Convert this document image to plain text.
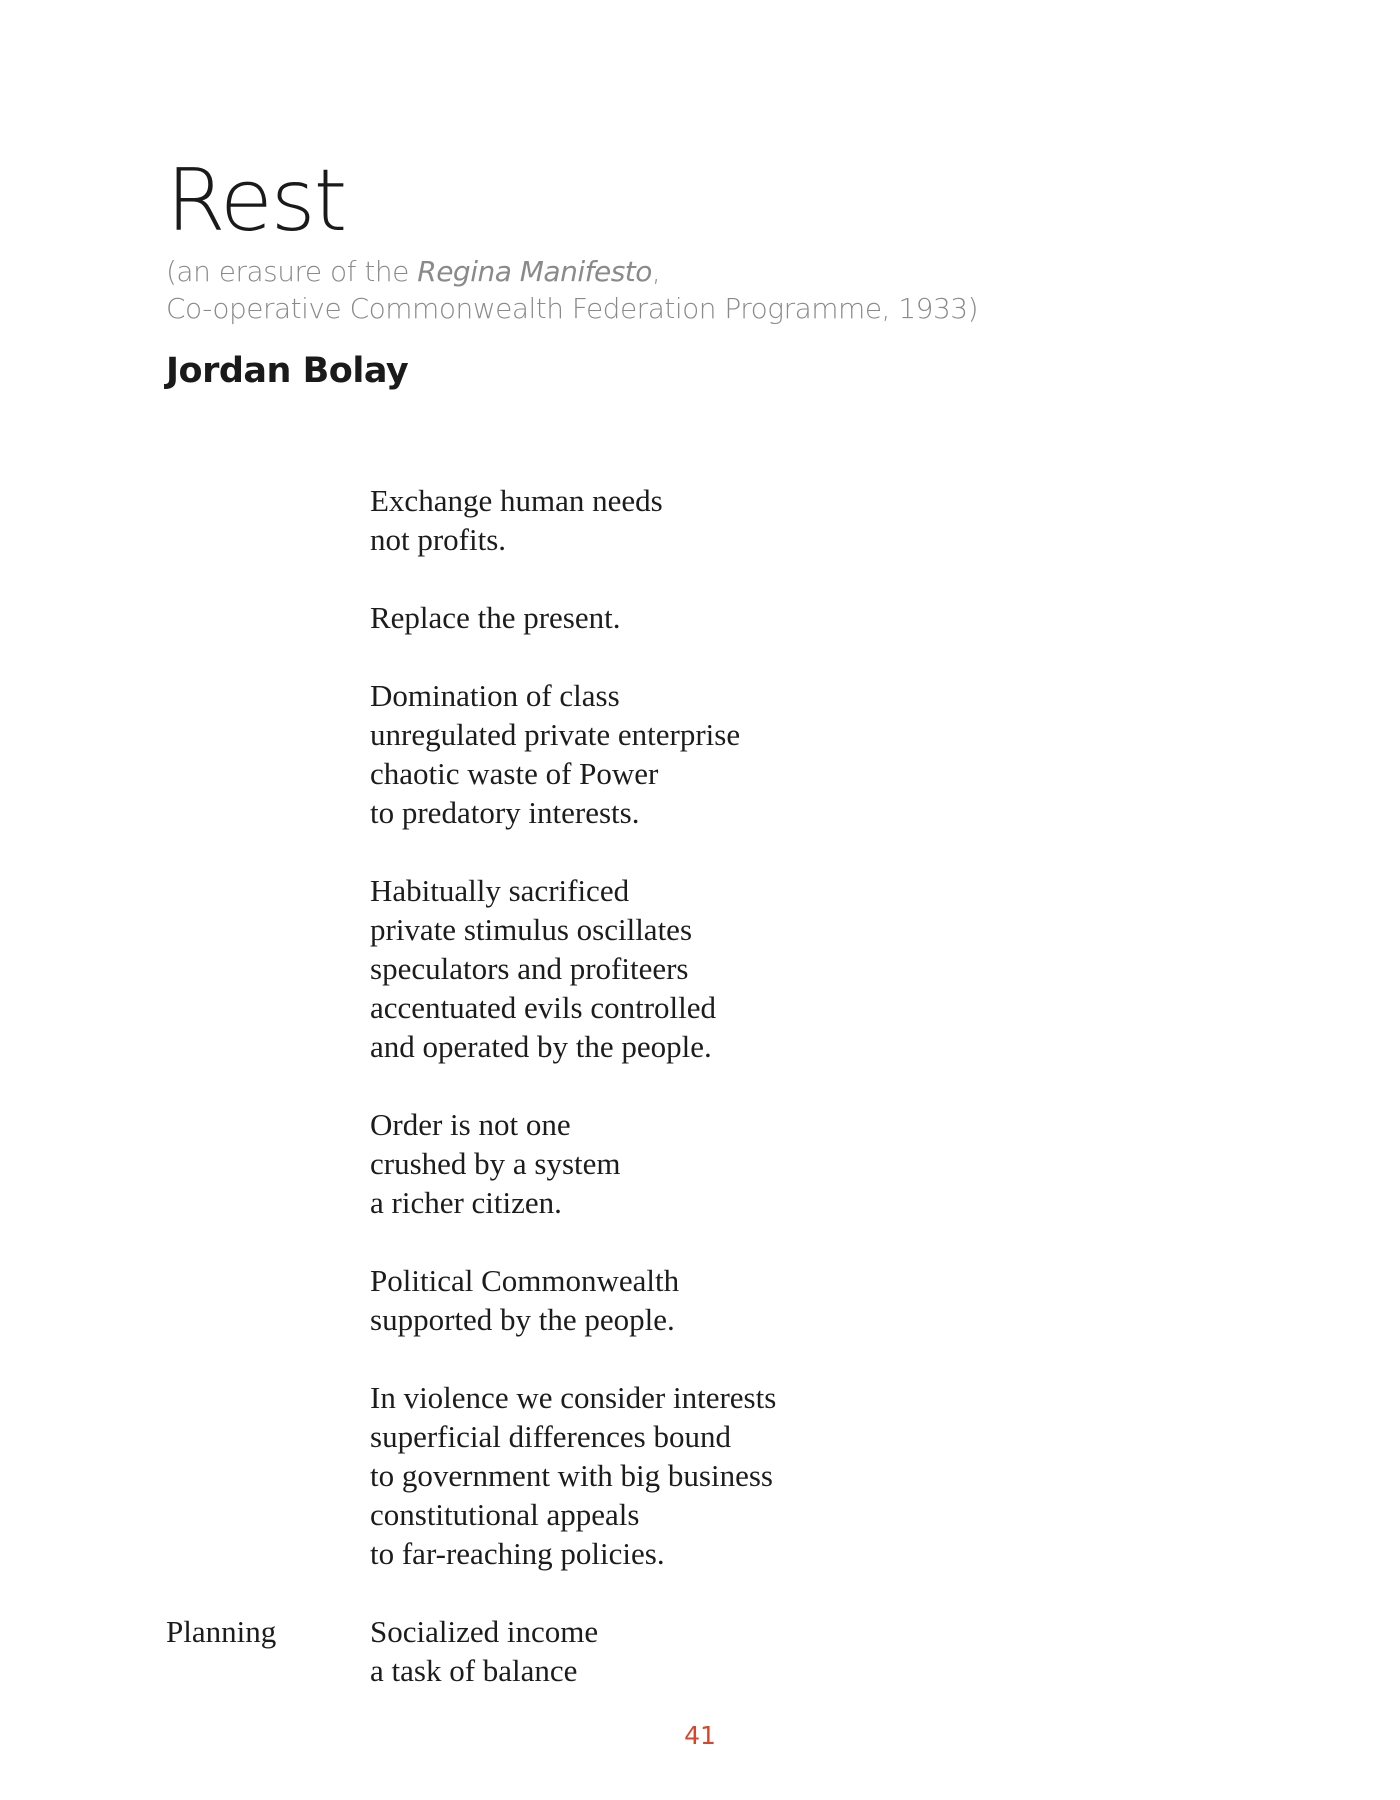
Rest

(an erasure of the Regina Manifesto,
Co-operative Commonwealth Federation Programme, 1933)

Jordan Bolay
Exchange human needs
not profits.
Replace the present.
Domination of class
unregulated private enterprise
chaotic waste of Power
to predatory interests.
Habitually sacrificed
private stimulus oscillates
speculators and profiteers
accentuated evils controlled
and operated by the people.
Order is not one
crushed by a system
a richer citizen.
Political Commonwealth
supported by the people.
In violence we consider interests
superficial differences bound
to government with big business
constitutional appeals
to far-reaching policies.
Socialized income
a task of balance
Planning
41
